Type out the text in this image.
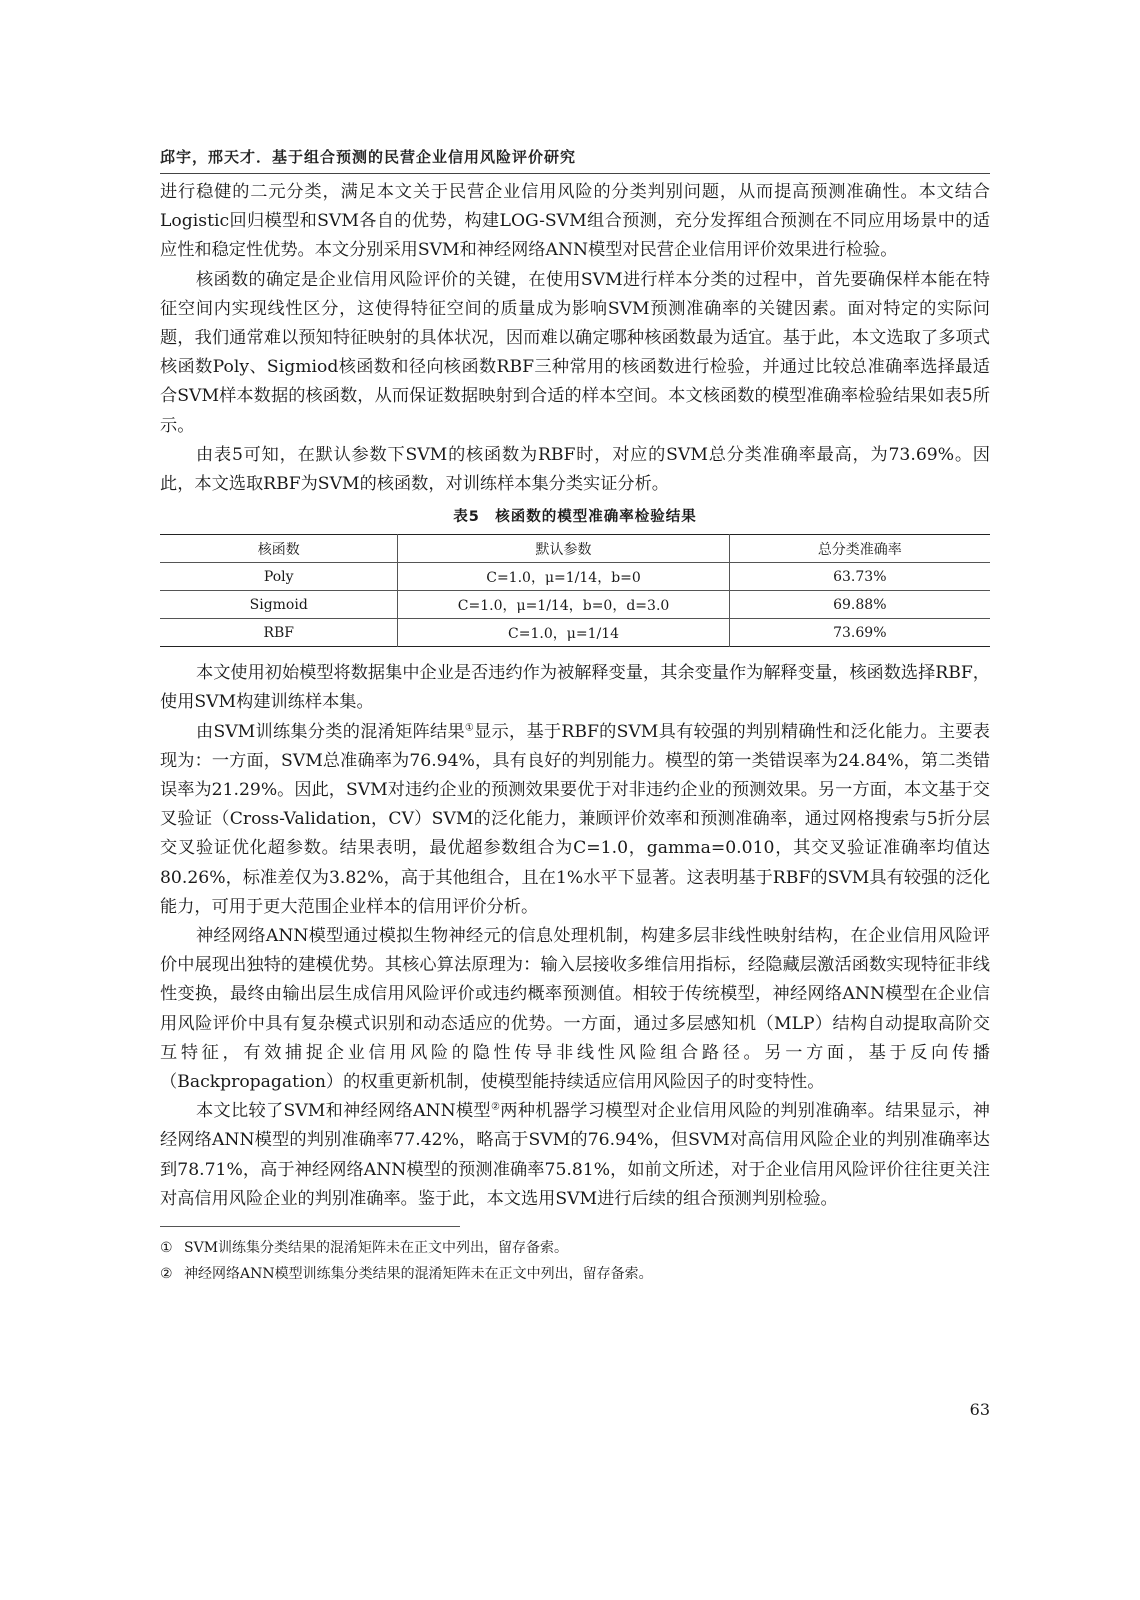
邱宇，邢天才．基于组合预测的民营企业信用风险评价研究

进行稳健的二元分类，满足本文关于民营企业信用风险的分类判别问题，从而提高预测准确性。本文结合Logistic回归模型和SVM各自的优势，构建LOG-SVM组合预测，充分发挥组合预测在不同应用场景中的适应性和稳定性优势。本文分别采用SVM和神经网络ANN模型对民营企业信用评价效果进行检验。

核函数的确定是企业信用风险评价的关键，在使用SVM进行样本分类的过程中，首先要确保样本能在特征空间内实现线性区分，这使得特征空间的质量成为影响SVM预测准确率的关键因素。面对特定的实际问题，我们通常难以预知特征映射的具体状况，因而难以确定哪种核函数最为适宜。基于此，本文选取了多项式核函数Poly、Sigmiod核函数和径向核函数RBF三种常用的核函数进行检验，并通过比较总准确率选择最适合SVM样本数据的核函数，从而保证数据映射到合适的样本空间。本文核函数的模型准确率检验结果如表5所示。

由表5可知，在默认参数下SVM的核函数为RBF时，对应的SVM总分类准确率最高，为73.69%。因此，本文选取RBF为SVM的核函数，对训练样本集分类实证分析。

表5　核函数的模型准确率检验结果
核函数	默认参数	总分类准确率
Poly	C=1.0，μ=1/14，b=0	63.73%
Sigmoid	C=1.0，μ=1/14，b=0，d=3.0	69.88%
RBF	C=1.0，μ=1/14	73.69%

本文使用初始模型将数据集中企业是否违约作为被解释变量，其余变量作为解释变量，核函数选择RBF，使用SVM构建训练样本集。

由SVM训练集分类的混淆矩阵结果①显示，基于RBF的SVM具有较强的判别精确性和泛化能力。主要表现为：一方面，SVM总准确率为76.94%，具有良好的判别能力。模型的第一类错误率为24.84%，第二类错误率为21.29%。因此，SVM对违约企业的预测效果要优于对非违约企业的预测效果。另一方面，本文基于交叉验证（Cross-Validation，CV）SVM的泛化能力，兼顾评价效率和预测准确率，通过网格搜索与5折分层交叉验证优化超参数。结果表明，最优超参数组合为C=1.0，gamma=0.010，其交叉验证准确率均值达80.26%，标准差仅为3.82%，高于其他组合，且在1%水平下显著。这表明基于RBF的SVM具有较强的泛化能力，可用于更大范围企业样本的信用评价分析。

神经网络ANN模型通过模拟生物神经元的信息处理机制，构建多层非线性映射结构，在企业信用风险评价中展现出独特的建模优势。其核心算法原理为：输入层接收多维信用指标，经隐藏层激活函数实现特征非线性变换，最终由输出层生成信用风险评价或违约概率预测值。相较于传统模型，神经网络ANN模型在企业信用风险评价中具有复杂模式识别和动态适应的优势。一方面，通过多层感知机（MLP）结构自动提取高阶交互特征，有效捕捉企业信用风险的隐性传导非线性风险组合路径。另一方面，基于反向传播（Backpropagation）的权重更新机制，使模型能持续适应信用风险因子的时变特性。

本文比较了SVM和神经网络ANN模型②两种机器学习模型对企业信用风险的判别准确率。结果显示，神经网络ANN模型的判别准确率77.42%，略高于SVM的76.94%，但SVM对高信用风险企业的判别准确率达到78.71%，高于神经网络ANN模型的预测准确率75.81%，如前文所述，对于企业信用风险评价往往更关注对高信用风险企业的判别准确率。鉴于此，本文选用SVM进行后续的组合预测判别检验。

① SVM训练集分类结果的混淆矩阵未在正文中列出，留存备索。

② 神经网络ANN模型训练集分类结果的混淆矩阵未在正文中列出，留存备索。

63
